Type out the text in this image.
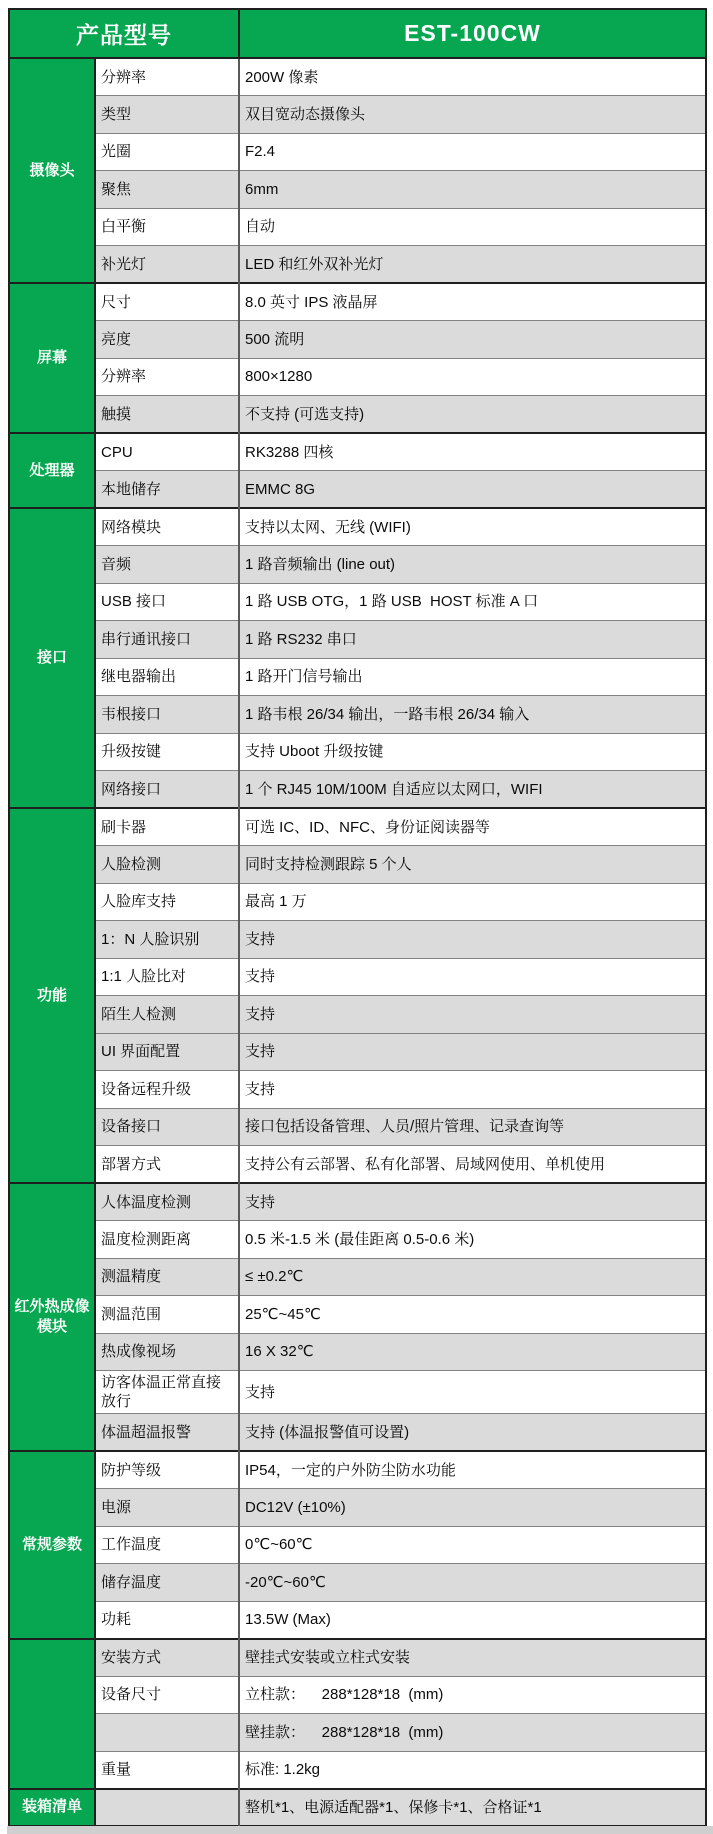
产品型号		EST-100CW
摄像头	分辨率	200W 像素
	类型	双目宽动态摄像头
	光圈	F2.4
	聚焦	6mm
	白平衡	自动
	补光灯	LED 和红外双补光灯
屏幕	尺寸	8.0 英寸 IPS 液晶屏
	亮度	500 流明
	分辨率	800×1280
	触摸	不支持 (可选支持)
处理器	CPU	RK3288 四核
	本地储存	EMMC 8G
接口	网络模块	支持以太网、无线 (WIFI)
	音频	1 路音频输出 (line out)
	USB 接口	1 路 USB OTG，1 路 USB  HOST 标准 A 口
	串行通讯接口	1 路 RS232 串口
	继电器输出	1 路开门信号输出
	韦根接口	1 路韦根 26/34 输出，一路韦根 26/34 输入
	升级按键	支持 Uboot 升级按键
	网络接口	1 个 RJ45 10M/100M 自适应以太网口，WIFI
功能	刷卡器	可选 IC、ID、NFC、身份证阅读器等
	人脸检测	同时支持检测跟踪 5 个人
	人脸库支持	最高 1 万
	1：N 人脸识别	支持
	1:1 人脸比对	支持
	陌生人检测	支持
	UI 界面配置	支持
	设备远程升级	支持
	设备接口	接口包括设备管理、人员/照片管理、记录查询等
	部署方式	支持公有云部署、私有化部署、局域网使用、单机使用
红外热成像 模块	人体温度检测	支持
	温度检测距离	0.5 米-1.5 米 (最佳距离 0.5-0.6 米)
	测温精度	≤ ±0.2℃
	测温范围	25℃~45℃
	热成像视场	16 X 32℃
	访客体温正常直接放行	支持
	体温超温报警	支持 (体温报警值可设置)
常规参数	防护等级	IP54，一定的户外防尘防水功能
	电源	DC12V (±10%)
	工作温度	0℃~60℃
	储存温度	-20℃~60℃
	功耗	13.5W (Max)
	安装方式	壁挂式安装或立柱式安装
	设备尺寸	立柱款：    288*128*18  (mm)
		壁挂款：    288*128*18  (mm)
	重量	标准: 1.2kg
装箱清单		整机*1、电源适配器*1、保修卡*1、合格证*1
